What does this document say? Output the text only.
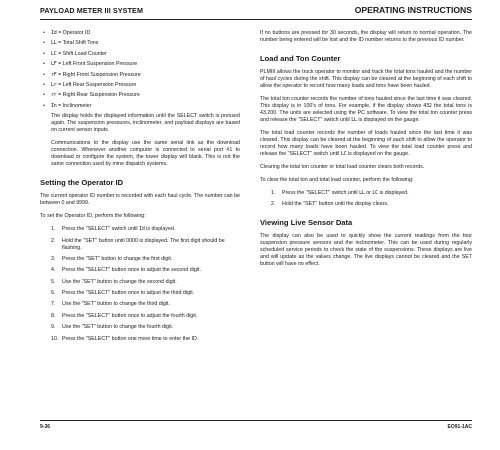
PAYLOAD METER III SYSTEM	OPERATING INSTRUCTIONS
• Id = Operator ID
• LL = Total Shift Tons
• LC = Shift Load Counter
• LF = Left Front Suspension Pressure
• rF = Right Front Suspension Pressure
• Lr = Left Rear Suspension Pressure
• rr = Right Rear Suspension Pressure
• In = Inclinometer

The display holds the displayed information until the SELECT switch is pressed again. The suspension pressures, inclinometer, and payload displays are based on current sensor inputs.

Communications to the display use the same serial link as the download connection. Whenever another computer is connected to serial port #1 to download or configure the system, the tower display will blank. This is not the same connection used by mine dispatch systems.

Setting the Operator ID

The current operator ID number is recorded with each haul cycle. The number can be between 0 and 9999.

To set the Operator ID, perform the following:

1. Press the "SELECT" switch until Id is displayed.
2. Hold the "SET" button until 0000 is displayed. The first digit should be flashing.
3. Press the "SET" button to change the first digit.
4. Press the "SELECT" button once to adjust the second digit.
5. Use the "SET" button to change the second digit.
6. Press the "SELECT" button once to adjust the third digit.
7. Use the "SET" button to change the third digit.
8. Press the "SELECT" button once to adjust the fourth digit.
9. Use the "SET" button to change the fourth digit.
10. Press the "SELECT" button one more time to enter the ID.

If no buttons are pressed for 30 seconds, the display will return to normal operation. The number being entered will be lost and the ID number returns to the previous ID number.

Load and Ton Counter

PLMIII allows the truck operator to monitor and track the total tons hauled and the number of haul cycles during the shift. This display can be cleared at the beginning of each shift to allow the operator to record how many loads and tons have been hauled.

The total ton counter records the number of tons hauled since the last time it was cleared. This display is in 100's of tons. For example, if the display shows 432 the total tons is 43,200. The units are selected using the PC software. To view the total ton counter press and release the "SELECT" switch until LL is displayed on the gauge.

The total load counter records the number of loads hauled since the last time it was cleared. This display can be cleared at the beginning of each shift to allow the operator to record how many loads have been hauled. To view the total load counter press and release the "SELECT" switch until LC is displayed on the gauge.

Clearing the total ton counter or total load counter clears both records.

To clear the total ton and total load counter, perform the following:

1. Press the "SELECT" switch until LL or LC is displayed.
2. Hold the "SET" button until the display clears.
Viewing Live Sensor Data

The display can also be used to quickly show the current readings from the four suspension pressure sensors and the inclinometer. This can be used during regularly scheduled service periods to check the state of the suspensions. These displays are live and will update as the values change. The live displays cannot be cleared and the SET button will have no effect.

9-36	EO91-1AC
